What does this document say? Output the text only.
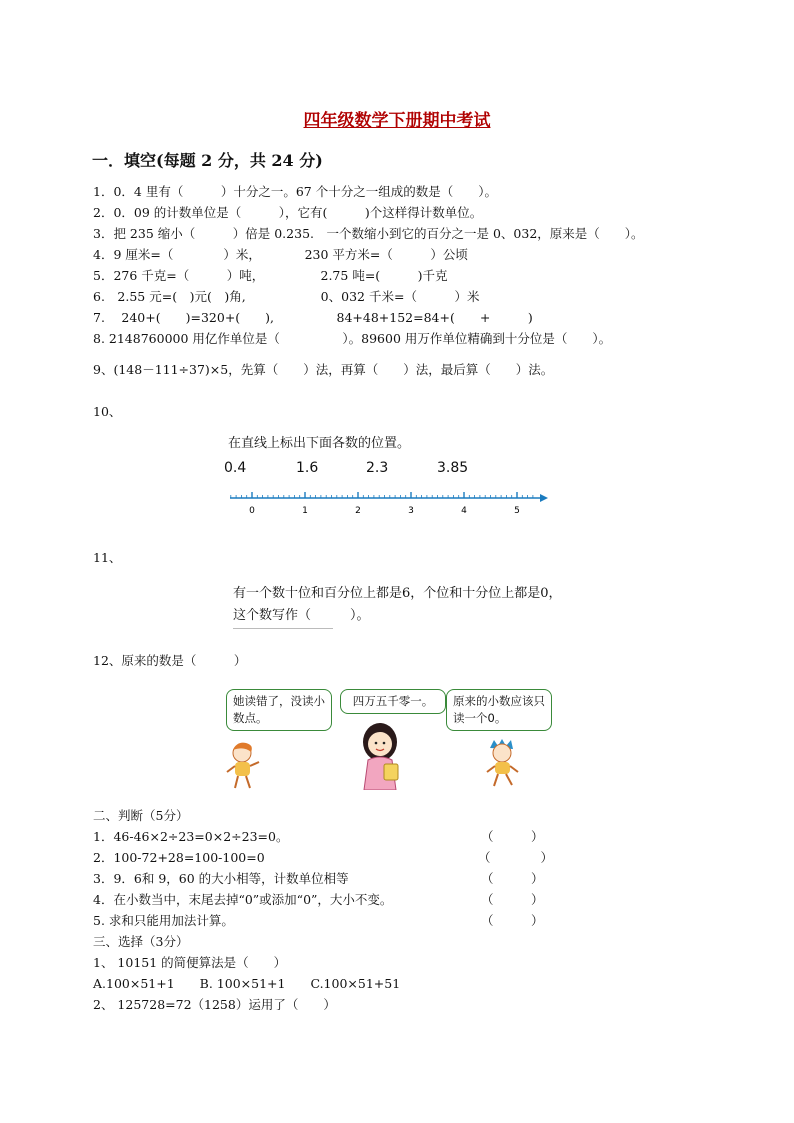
四年级数学下册期中考试
一．填空(每题 2 分，共 24 分)
1．0．4 里有（　　　）十分之一。67 个十分之一组成的数是（　　）。
2．0．09 的计数单位是（　　　），它有(　　　)个这样得计数单位。
3．把 235 缩小（　　　）倍是 0.235.　一个数缩小到它的百分之一是 0、032，原来是（　　）。
4．9 厘米=（　　　　）米，　　　　230 平方米=（　　　）公顷
5．276 千克=（　　　）吨，　　　　　2.75 吨=(　　　)千克
6.　2.55 元=(　)元(　)角,　　　　　　0、032 千米=（　　　）米
7.　 240+(　　)=320+(　　),　　　　　84+48+152=84+(　　+　　　)
8. 2148760000 用亿作单位是（　　　　　）。89600 用万作单位精确到十分位是（　　）。
9、(148－111÷37)×5，先算（　　）法，再算（　　）法，最后算（　　）法。
10、
在直线上标出下面各数的位置。
0.4	1.6	2.3	3.85
0	1	2	3	4	5
11、
有一个数十位和百分位上都是6，个位和十分位上都是0，
这个数写作（　　　）。
12、原来的数是（　　　）
她读错了，没读小数点。
四万五千零一。	原来的小数应该只读一个0。
二、判断（5分）
1．46-46×2÷23=0×2÷23=0。	（　　　）
2．100-72+28=100-100=0	（　　　　）
3．9．6和 9，60 的大小相等，计数单位相等	（　　　）
4．在小数当中，末尾去掉“0”或添加“0”，大小不变。	（　　　）
5. 求和只能用加法计算。	（　　　）
三、选择（3分）
1、 10151 的简便算法是（　　）
A.100×51+1　　B. 100×51+1　　C.100×51+51
2、 125728=72（1258）运用了（　　）
